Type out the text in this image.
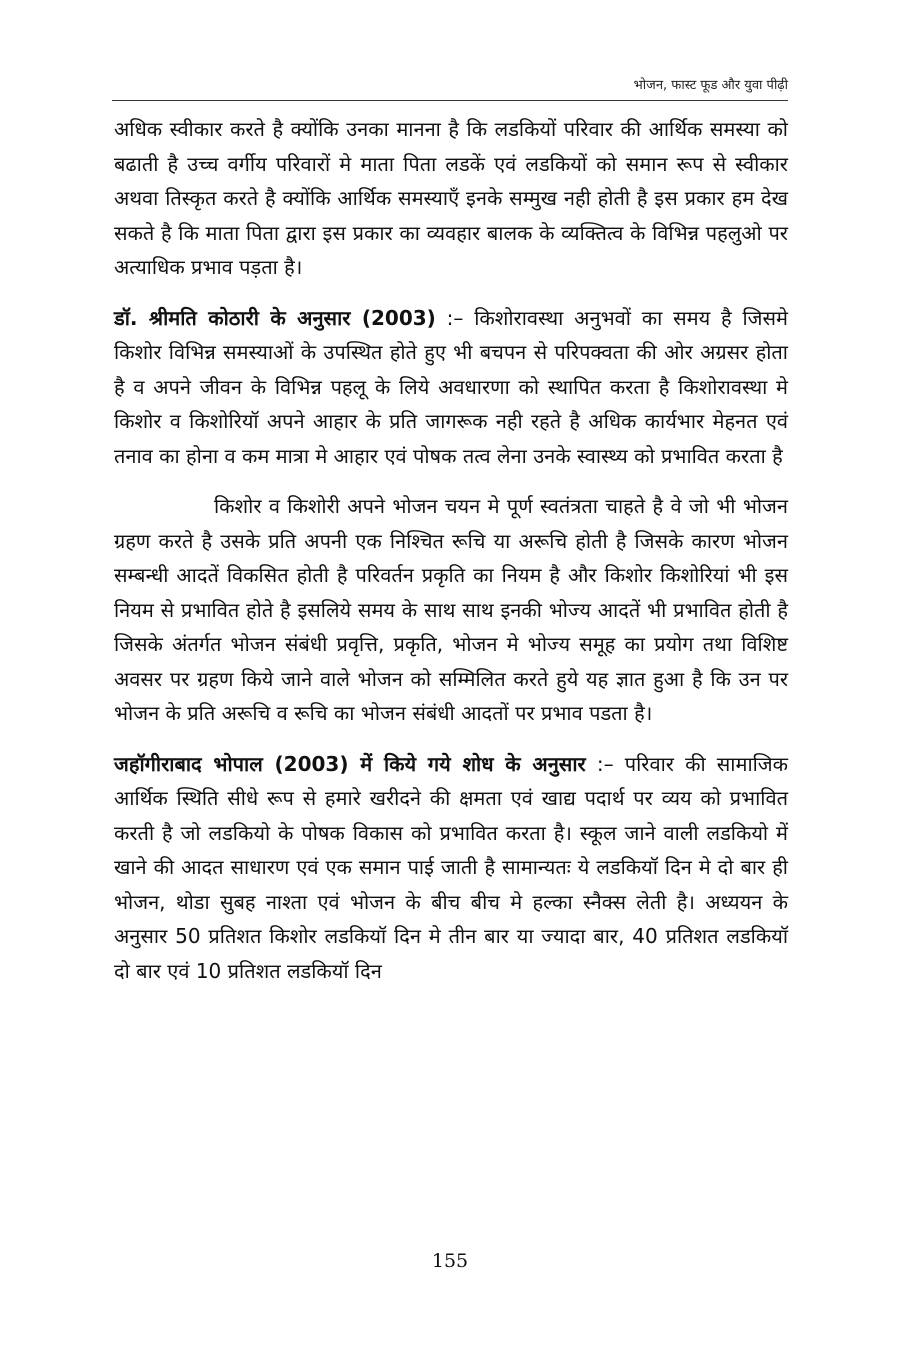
भोजन, फास्ट फूड और युवा पीढ़ी

अधिक स्वीकार करते है क्योंकि उनका मानना है कि लडकियों परिवार की आर्थिक समस्या को बढाती है उच्च वर्गीय परिवारों मे माता पिता लडकें एवं लडकियों को समान रूप से स्वीकार अथवा तिस्कृत करते है क्योंकि आर्थिक समस्याएँ इनके सम्मुख नही होती है इस प्रकार हम देख सकते है कि माता पिता द्वारा इस प्रकार का व्यवहार बालक के व्यक्तित्व के विभिन्न पहलुओ पर अत्याधिक प्रभाव पड़ता है।

डॉ. श्रीमति कोठारी के अनुसार (2003) :– किशोरावस्था अनुभवों का समय है जिसमे किशोर विभिन्न समस्याओं के उपस्थित होते हुए भी बचपन से परिपक्वता की ओर अग्रसर होता है व अपने जीवन के विभिन्न पहलू के लिये अवधारणा को स्थापित करता है किशोरावस्था मे किशोर व किशोरियॉ अपने आहार के प्रति जागरूक नही रहते है अधिक कार्यभार मेहनत एवं तनाव का होना व कम मात्रा मे आहार एवं पोषक तत्व लेना उनके स्वास्थ्य को प्रभावित करता है

किशोर व किशोरी अपने भोजन चयन मे पूर्ण स्वतंत्रता चाहते है वे जो भी भोजन ग्रहण करते है उसके प्रति अपनी एक निश्चित रूचि या अरूचि होती है जिसके कारण भोजन सम्बन्धी आदतें विकसित होती है परिवर्तन प्रकृति का नियम है और किशोर किशोरियां भी इस नियम से प्रभावित होते है इसलिये समय के साथ साथ इनकी भोज्य आदतें भी प्रभावित होती है जिसके अंतर्गत भोजन संबंधी प्रवृत्ति, प्रकृति, भोजन मे भोज्य समूह का प्रयोग तथा विशिष्ट अवसर पर ग्रहण किये जाने वाले भोजन को सम्मिलित करते हुये यह ज्ञात हुआ है कि उन पर भोजन के प्रति अरूचि व रूचि का भोजन संबंधी आदतों पर प्रभाव पडता है।

जहॉगीराबाद भोपाल (2003) में किये गये शोध के अनुसार :– परिवार की सामाजिक आर्थिक स्थिति सीधे रूप से हमारे खरीदने की क्षमता एवं खाद्य पदार्थ पर व्यय को प्रभावित करती है जो लडकियो के पोषक विकास को प्रभावित करता है। स्कूल जाने वाली लडकियो में खाने की आदत साधारण एवं एक समान पाई जाती है सामान्यतः ये लडकियॉ दिन मे दो बार ही भोजन, थोडा सुबह नाश्ता एवं भोजन के बीच बीच मे हल्का स्नैक्स लेती है। अध्ययन के अनुसार 50 प्रतिशत किशोर लडकियॉ दिन मे तीन बार या ज्यादा बार, 40 प्रतिशत लडकियॉ दो बार एवं 10 प्रतिशत लडकियॉ दिन

155
